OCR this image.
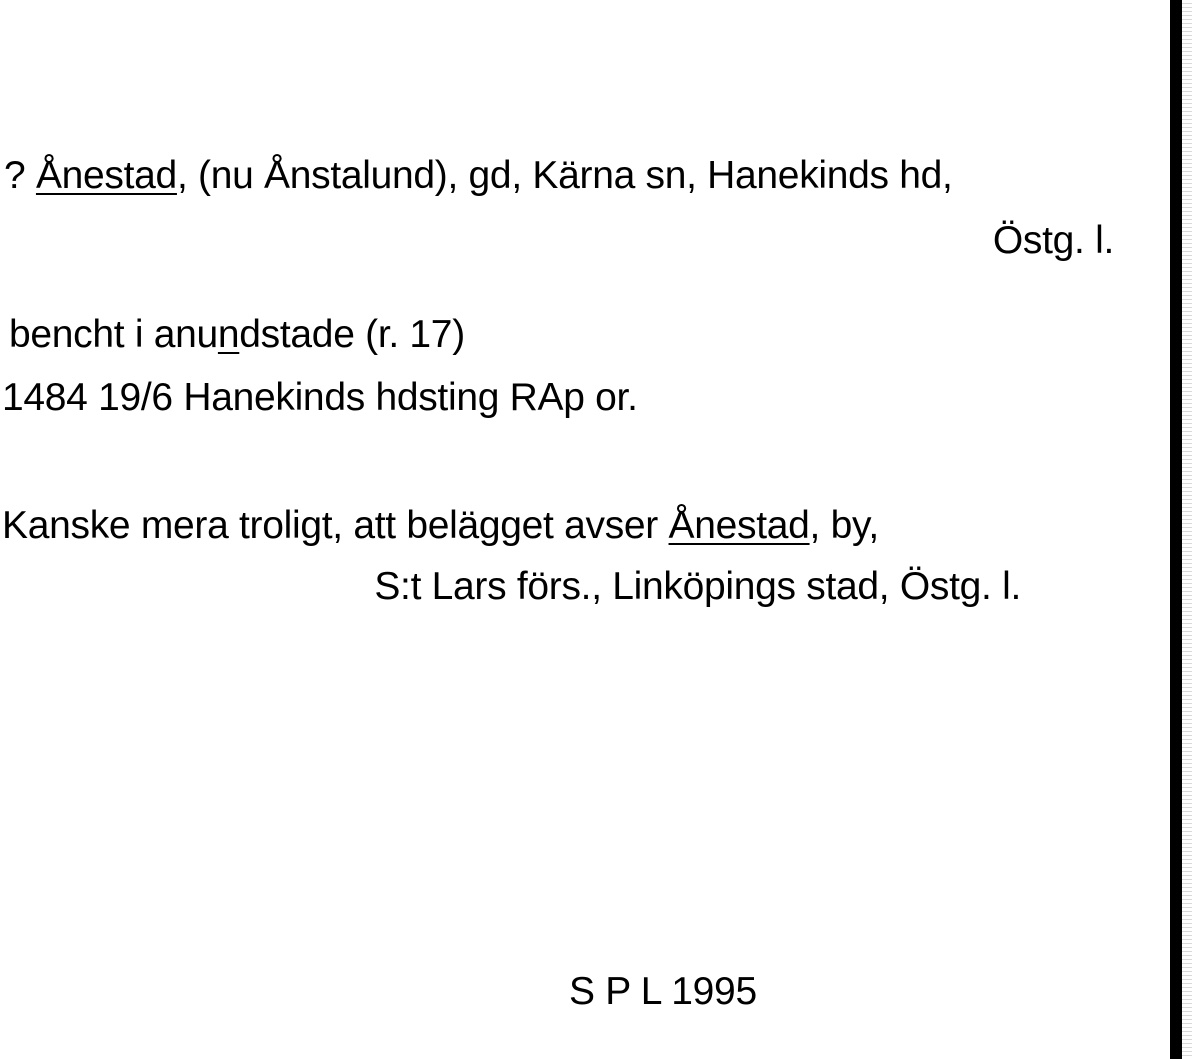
? Ånestad, (nu Ånstalund), gd, Kärna sn, Hanekinds hd,
Östg. l.
bencht i anundstade (r. 17)
1484 19/6 Hanekinds hdsting RAp or.
Kanske mera troligt, att belägget avser Ånestad, by,
S:t Lars förs., Linköpings stad, Östg. l.
S P L 1995
